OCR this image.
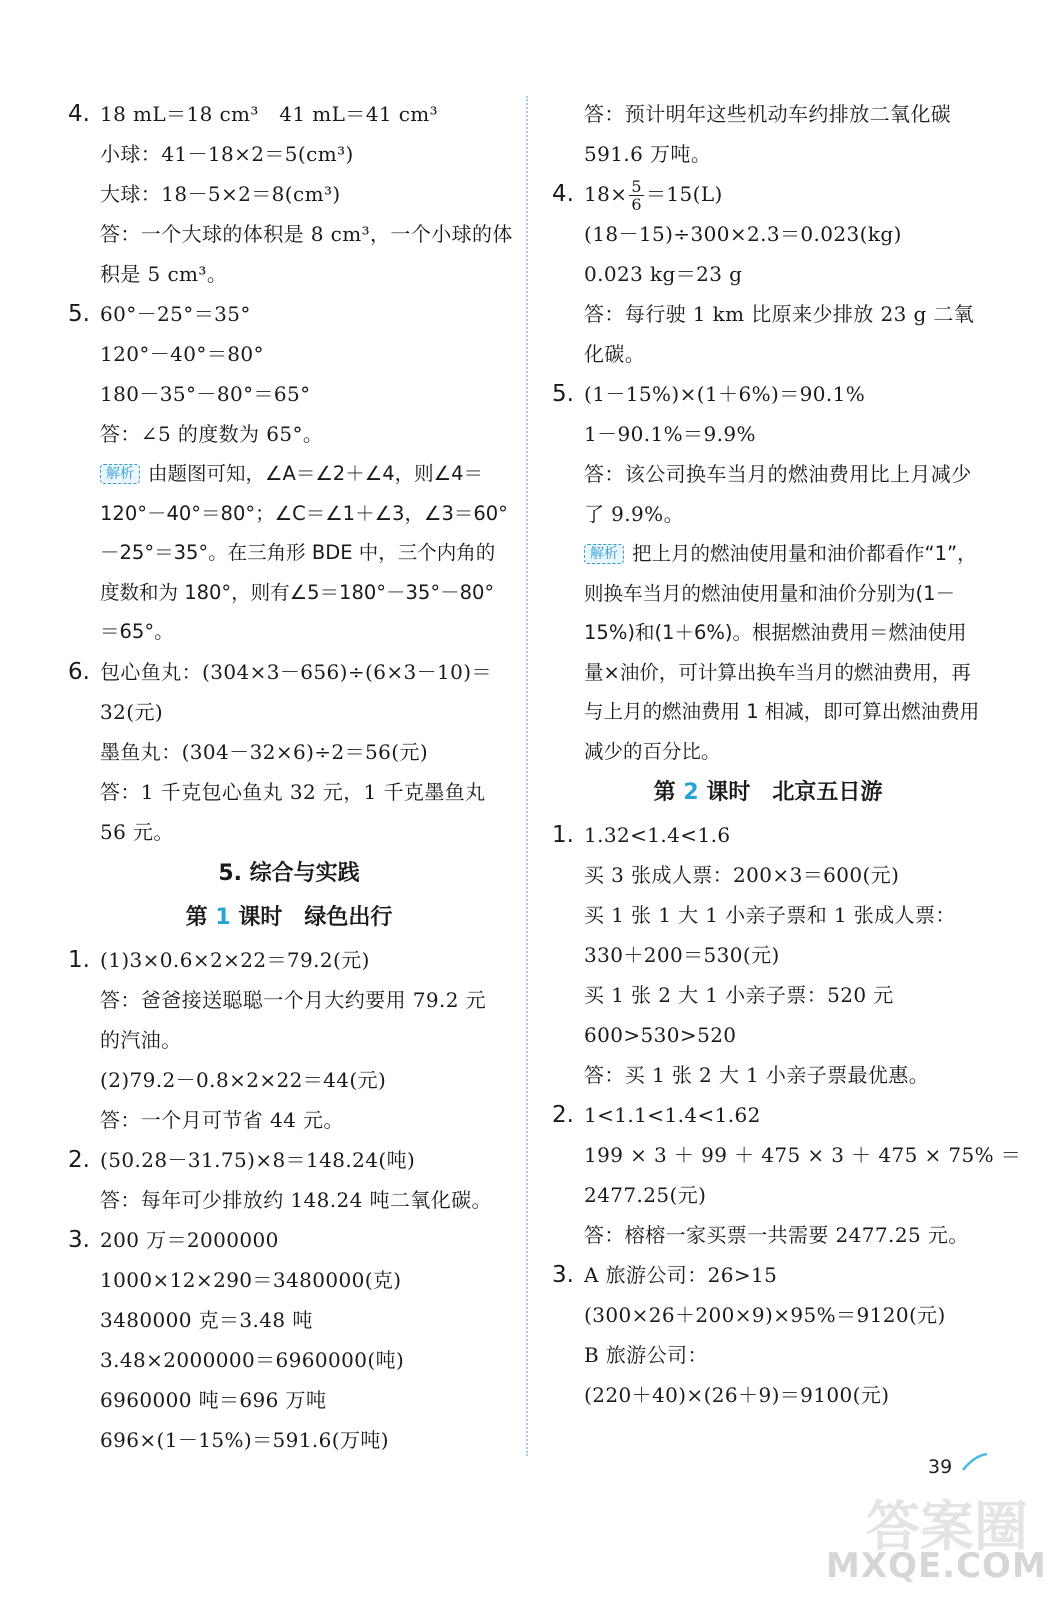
4. 18 mL＝18 cm³　41 mL＝41 cm³
小球：41－18×2＝5(cm³)
大球：18－5×2＝8(cm³)
答：一个大球的体积是 8 cm³，一个小球的体
积是 5 cm³。
5. 60°－25°＝35°
120°－40°＝80°
180－35°－80°＝65°
答：∠5 的度数为 65°。
解析 由题图可知，∠A＝∠2＋∠4，则∠4＝120°－40°＝80°；∠C＝∠1＋∠3，∠3＝60°－25°＝35°。在三角形 BDE 中，三个内角的度数和为 180°，则有∠5＝180°－35°－80°＝65°。
6. 包心鱼丸：(304×3－656)÷(6×3－10)＝
32(元)
墨鱼丸：(304－32×6)÷2＝56(元)
答：1 千克包心鱼丸 32 元，1 千克墨鱼丸
56 元。
5. 综合与实践
第 1 课时　绿色出行
1. (1)3×0.6×2×22＝79.2(元)
答：爸爸接送聪聪一个月大约要用 79.2 元
的汽油。
(2)79.2－0.8×2×22＝44(元)
答：一个月可节省 44 元。
2. (50.28－31.75)×8＝148.24(吨)
答：每年可少排放约 148.24 吨二氧化碳。
3. 200 万＝2000000
1000×12×290＝3480000(克)
3480000 克＝3.48 吨
3.48×2000000＝6960000(吨)
6960000 吨＝696 万吨
696×(1－15%)＝591.6(万吨)
答：预计明年这些机动车约排放二氧化碳
591.6 万吨。
4. $18\times \frac{5}{6} =15(L)$
(18－15)÷300×2.3＝0.023(kg)
0.023 kg＝23 g
答：每行驶 1 km 比原来少排放 23 g 二氧
化碳。
5. (1－15%)×(1＋6%)＝90.1%
1－90.1%＝9.9%
答：该公司换车当月的燃油费用比上月减少
了 9.9%。
解析 把上月的燃油使用量和油价都看作“1”，则换车当月的燃油使用量和油价分别为(1－15%)和(1＋6%)。根据燃油费用＝燃油使用量×油价，可计算出换车当月的燃油费用，再与上月的燃油费用 1 相减，即可算出燃油费用减少的百分比。
第 2 课时　北京五日游
1. 1.32<1.4<1.6
买 3 张成人票：200×3＝600(元)
买 1 张 1 大 1 小亲子票和 1 张成人票：
330＋200＝530(元)
买 1 张 2 大 1 小亲子票：520 元
600>530>520
答：买 1 张 2 大 1 小亲子票最优惠。
2. 1<1.1<1.4<1.62
199 × 3 ＋ 99 ＋ 475 × 3 ＋ 475 × 75% ＝
2477.25(元)
答：榕榕一家买票一共需要 2477.25 元。
3. A 旅游公司：26>15
(300×26＋200×9)×95%＝9120(元)
B 旅游公司：
(220＋40)×(26＋9)＝9100(元)
答案圈
39
MXQE.COM
